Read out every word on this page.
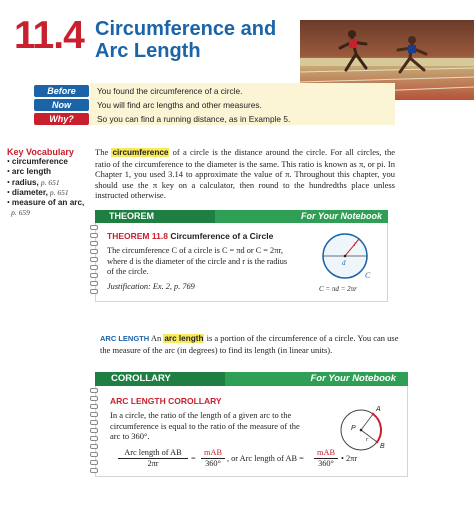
11.4 Circumference and Arc Length
Before	You found the circumference of a circle.
Now	You will find arc lengths and other measures.
Why?	So you can find a running distance, as in Example 5.
Key Vocabulary
• circumference
• arc length
• radius, p. 651
• diameter, p. 651
• measure of an arc,
p. 659
The circumference of a circle is the distance around the circle. For all circles, the ratio of the circumference to the diameter is the same. This ratio is known as π, or pi. In Chapter 1, you used 3.14 to approximate the value of π. Throughout this chapter, you should use the π key on a calculator, then round to the hundredths place unless instructed otherwise.
THEOREM	For Your Notebook
THEOREM 11.8 Circumference of a Circle
The circumference C of a circle is C = πd or C = 2πr, where d is the diameter of the circle and r is the radius of the circle.
Justification: Ex. 2, p. 769
r
d
C
C = πd = 2πr
ARC LENGTH An arc length is a portion of the circumference of a circle. You can use the measure of the arc (in degrees) to find its length (in linear units).
COROLLARY	For Your Notebook
ARC LENGTH COROLLARY
In a circle, the ratio of the length of a given arc to the circumference is equal to the ratio of the measure of the arc to 360°.
A
B
P
r
Arc length of AB
2πr
=
mAB
360°
, or Arc length of AB =
mAB
360°
• 2πr
